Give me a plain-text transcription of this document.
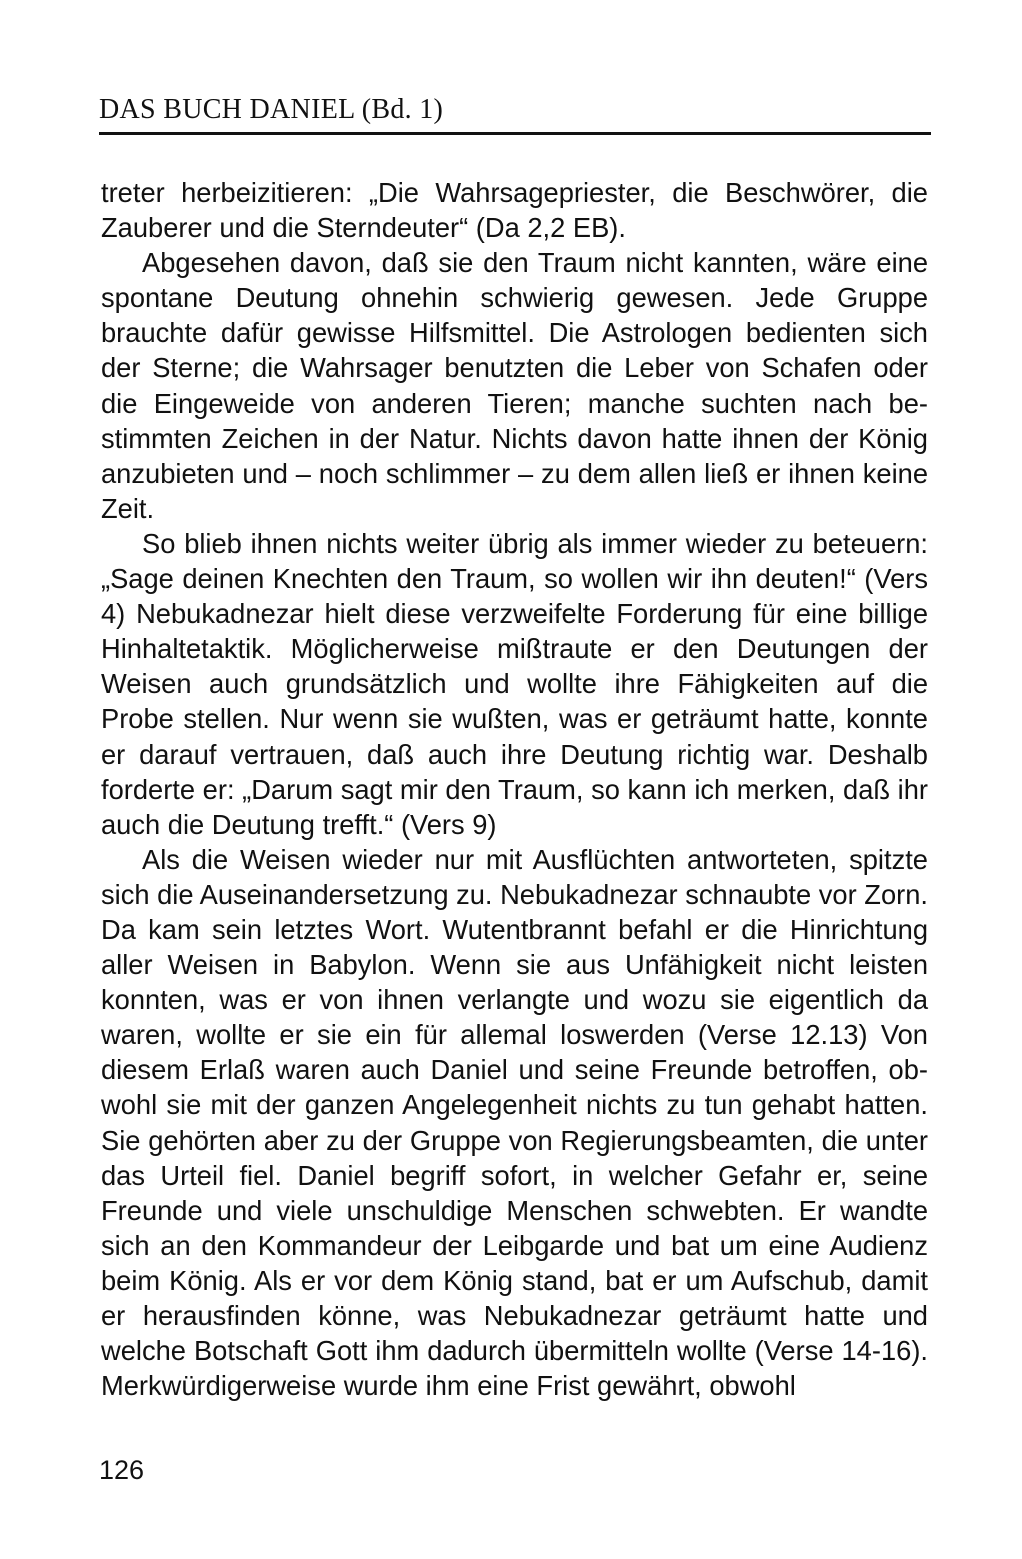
DAS BUCH DANIEL (Bd. 1)

treter herbeizitieren: „Die Wahrsagepriester, die Beschwörer, die Zauberer und die Sterndeuter“ (Da 2,2 EB).

Abgesehen davon, daß sie den Traum nicht kannten, wäre eine spontane Deutung ohnehin schwierig gewesen. Jede Gruppe brauchte dafür gewisse Hilfsmittel. Die Astrologen bedienten sich der Sterne; die Wahrsager benutzten die Leber von Schafen oder die Eingeweide von anderen Tieren; manche suchten nach bestimmten Zeichen in der Natur. Nichts davon hatte ihnen der König anzubieten und – noch schlimmer – zu dem allen ließ er ihnen keine Zeit.

So blieb ihnen nichts weiter übrig als immer wieder zu beteuern: „Sage deinen Knechten den Traum, so wollen wir ihn deuten!“ (Vers 4) Nebukadnezar hielt diese verzweifelte Forderung für eine billige Hinhaltetaktik. Möglicherweise mißtraute er den Deutungen der Weisen auch grundsätzlich und wollte ihre Fähigkeiten auf die Probe stellen. Nur wenn sie wußten, was er geträumt hatte, konnte er darauf vertrauen, daß auch ihre Deutung richtig war. Deshalb forderte er: „Darum sagt mir den Traum, so kann ich merken, daß ihr auch die Deutung trefft.“ (Vers 9)

Als die Weisen wieder nur mit Ausflüchten antworteten, spitzte sich die Auseinandersetzung zu. Nebukadnezar schnaubte vor Zorn. Da kam sein letztes Wort. Wutentbrannt befahl er die Hinrichtung aller Weisen in Babylon. Wenn sie aus Unfähigkeit nicht leisten konnten, was er von ihnen verlangte und wozu sie eigentlich da waren, wollte er sie ein für allemal loswerden (Verse 12.13) Von diesem Erlaß waren auch Daniel und seine Freunde betroffen, obwohl sie mit der ganzen Angelegenheit nichts zu tun gehabt hatten. Sie gehörten aber zu der Gruppe von Regierungsbeamten, die unter das Urteil fiel. Daniel begriff sofort, in welcher Gefahr er, seine Freunde und viele unschuldige Menschen schwebten. Er wandte sich an den Kommandeur der Leibgarde und bat um eine Audienz beim König. Als er vor dem König stand, bat er um Aufschub, damit er herausfinden könne, was Nebukadnezar geträumt hatte und welche Botschaft Gott ihm dadurch übermitteln wollte (Verse 14-16). Merkwürdigerweise wurde ihm eine Frist gewährt, obwohl

126
